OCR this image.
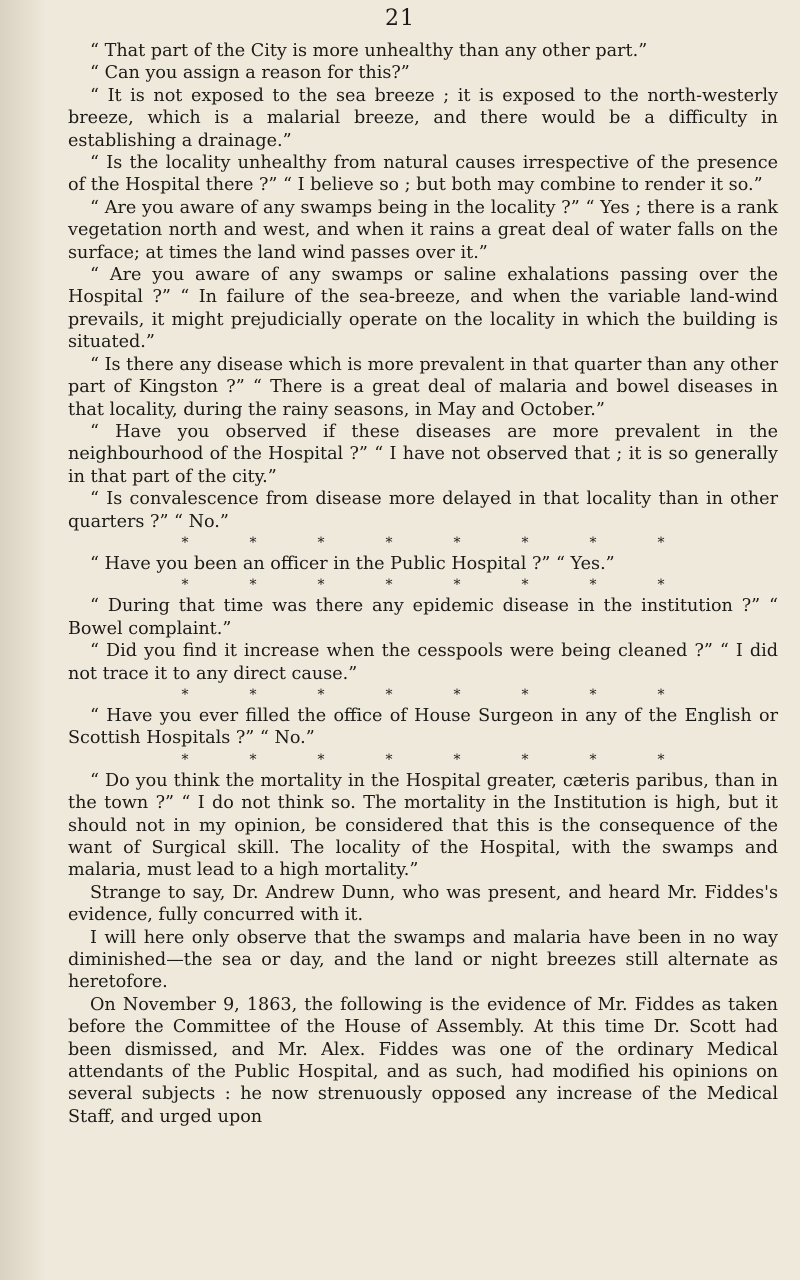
21

“ That part of the City is more unhealthy than any other part.”

“ Can you assign a reason for this?”

“ It is not exposed to the sea breeze ; it is exposed to the north-westerly breeze, which is a malarial breeze, and there would be a difficulty in establishing a drainage.”

“ Is the locality unhealthy from natural causes irrespective of the presence of the Hospital there ?” “ I believe so ; but both may combine to render it so.”

“ Are you aware of any swamps being in the locality ?” “ Yes ; there is a rank vegetation north and west, and when it rains a great deal of water falls on the surface; at times the land wind passes over it.”

“ Are you aware of any swamps or saline exhalations passing over the Hospital ?” “ In failure of the sea-breeze, and when the variable land-wind prevails, it might prejudicially operate on the locality in which the building is situated.”

“ Is there any disease which is more prevalent in that quarter than any other part of Kingston ?” “ There is a great deal of malaria and bowel diseases in that locality, during the rainy seasons, in May and October.”

“ Have you observed if these diseases are more prevalent in the neighbourhood of the Hospital ?” “ I have not observed that ; it is so generally in that part of the city.”

“ Is convalescence from disease more delayed in that locality than in other quarters ?” “ No.”

*	*	*	*	*	*	*	*

“ Have you been an officer in the Public Hospital ?” “ Yes.”

*	*	*	*	*	*	*	*

“ During that time was there any epidemic disease in the institution ?” “ Bowel complaint.”

“ Did you find it increase when the cesspools were being cleaned ?” “ I did not trace it to any direct cause.”

*	*	*	*	*	*	*	*

“ Have you ever filled the office of House Surgeon in any of the English or Scottish Hospitals ?” “ No.”

*	*	*	*	*	*	*	*

“ Do you think the mortality in the Hospital greater, cæteris paribus, than in the town ?” “ I do not think so. The mortality in the Institution is high, but it should not in my opinion, be considered that this is the consequence of the want of Surgical skill. The locality of the Hospital, with the swamps and malaria, must lead to a high mortality.”

Strange to say, Dr. Andrew Dunn, who was present, and heard Mr. Fiddes's evidence, fully concurred with it.

I will here only observe that the swamps and malaria have been in no way diminished—the sea or day, and the land or night breezes still alternate as heretofore.

On November 9, 1863, the following is the evidence of Mr. Fiddes as taken before the Committee of the House of Assembly. At this time Dr. Scott had been dismissed, and Mr. Alex. Fiddes was one of the ordinary Medical attendants of the Public Hospital, and as such, had modified his opinions on several subjects : he now strenuously opposed any increase of the Medical Staff, and urged upon
